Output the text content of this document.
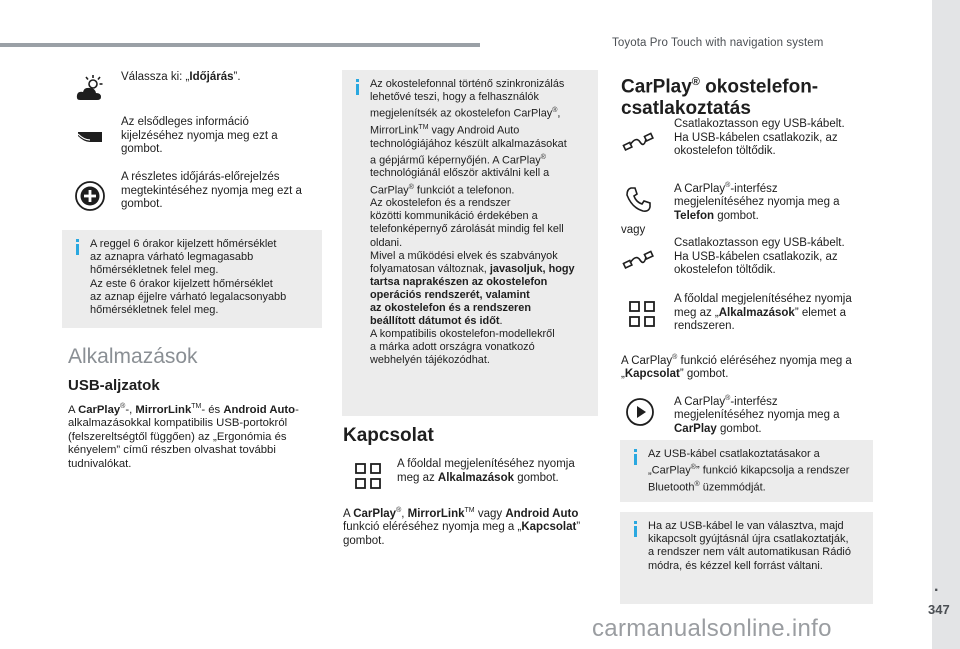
Toyota Pro Touch with navigation system
.
347
carmanualsonline.info
Válassza ki: „Időjárás”.
Az elsődleges információ
kijelzéséhez nyomja meg ezt a
gombot.
A részletes időjárás-előrejelzés
megtekintéséhez nyomja meg ezt a
gombot.
A reggel 6 órakor kijelzett hőmérséklet
az aznapra várható legmagasabb
hőmérsékletnek felel meg.
Az este 6 órakor kijelzett hőmérséklet
az aznap éjjelre várható legalacsonyabb
hőmérsékletnek felel meg.
Alkalmazások
USB-aljzatok
A CarPlay®-, MirrorLink™- és Android Auto-
alkalmazásokkal kompatibilis USB-portokról
(felszereltségtől függően) az „Ergonómia és
kényelem” című részben olvashat további
tudnivalókat.
Az okostelefonnal történő szinkronizálás
lehetővé teszi, hogy a felhasználók
megjelenítsék az okostelefon CarPlay®,
MirrorLink™ vagy Android Auto
technológiájához készült alkalmazásokat
a gépjármű képernyőjén. A CarPlay®
technológiánál először aktiválni kell a
CarPlay® funkciót a telefonon.
Az okostelefon és a rendszer
közötti kommunikáció érdekében a
telefonképernyő zárolását mindig fel kell
oldani.
Mivel a működési elvek és szabványok
folyamatosan változnak, javasoljuk, hogy
tartsa naprakészen az okostelefon
operációs rendszerét, valamint
az okostelefon és a rendszeren
beállított dátumot és időt.
A kompatibilis okostelefon-modellekről
a márka adott országra vonatkozó
webhelyén tájékozódhat.
Kapcsolat
A főoldal megjelenítéséhez nyomja
meg az Alkalmazások gombot.
A CarPlay®, MirrorLink™ vagy Android Auto
funkció eléréséhez nyomja meg a „Kapcsolat”
gombot.
CarPlay® okostelefon-
csatlakoztatás
Csatlakoztasson egy USB-kábelt.
Ha USB-kábelen csatlakozik, az
okostelefon töltődik.
A CarPlay®-interfész
megjelenítéséhez nyomja meg a
Telefon gombot.
vagy
Csatlakoztasson egy USB-kábelt.
Ha USB-kábelen csatlakozik, az
okostelefon töltődik.
A főoldal megjelenítéséhez nyomja
meg az „Alkalmazások” elemet a
rendszeren.
A CarPlay® funkció eléréséhez nyomja meg a
„Kapcsolat” gombot.
A CarPlay®-interfész
megjelenítéséhez nyomja meg a
CarPlay gombot.
Az USB-kábel csatlakoztatásakor a
„CarPlay®” funkció kikapcsolja a rendszer
Bluetooth® üzemmódját.
Ha az USB-kábel le van választva, majd
kikapcsolt gyújtásnál újra csatlakoztatják,
a rendszer nem vált automatikusan Rádió
módra, és kézzel kell forrást váltani.
